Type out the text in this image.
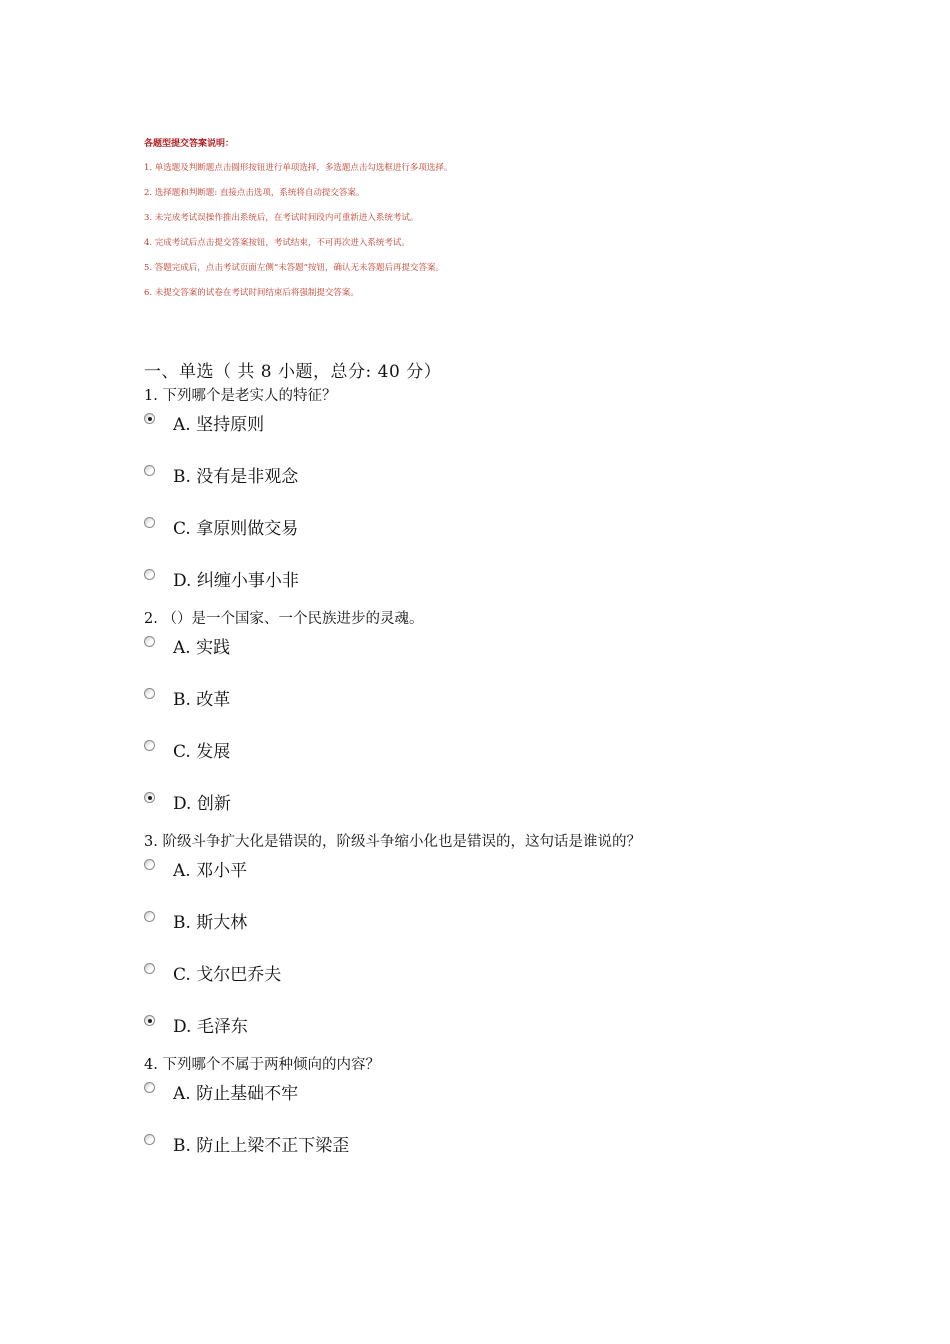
各题型提交答案说明：
1. 单选题及判断题点击圆形按钮进行单项选择，多选题点击勾选框进行多项选择。
2. 选择题和判断题: 直接点击选项，系统将自动提交答案。
3. 未完成考试误操作推出系统后，在考试时间段内可重新进入系统考试。
4. 完成考试后点击提交答案按钮，考试结束，不可再次进入系统考试。
5. 答题完成后，点击考试页面左侧“未答题”按钮，确认无未答题后再提交答案。
6. 未提交答案的试卷在考试时间结束后将强制提交答案。
一、单选（ 共 8 小题，总分: 40 分）
1. 下列哪个是老实人的特征？
A. 坚持原则
B. 没有是非观念
C. 拿原则做交易
D. 纠缠小事小非
2. （）是一个国家、一个民族进步的灵魂。
A. 实践
B. 改革
C. 发展
D. 创新
3. 阶级斗争扩大化是错误的，阶级斗争缩小化也是错误的，这句话是谁说的？
A. 邓小平
B. 斯大林
C. 戈尔巴乔夫
D. 毛泽东
4. 下列哪个不属于两种倾向的内容？
A. 防止基础不牢
B. 防止上梁不正下梁歪
